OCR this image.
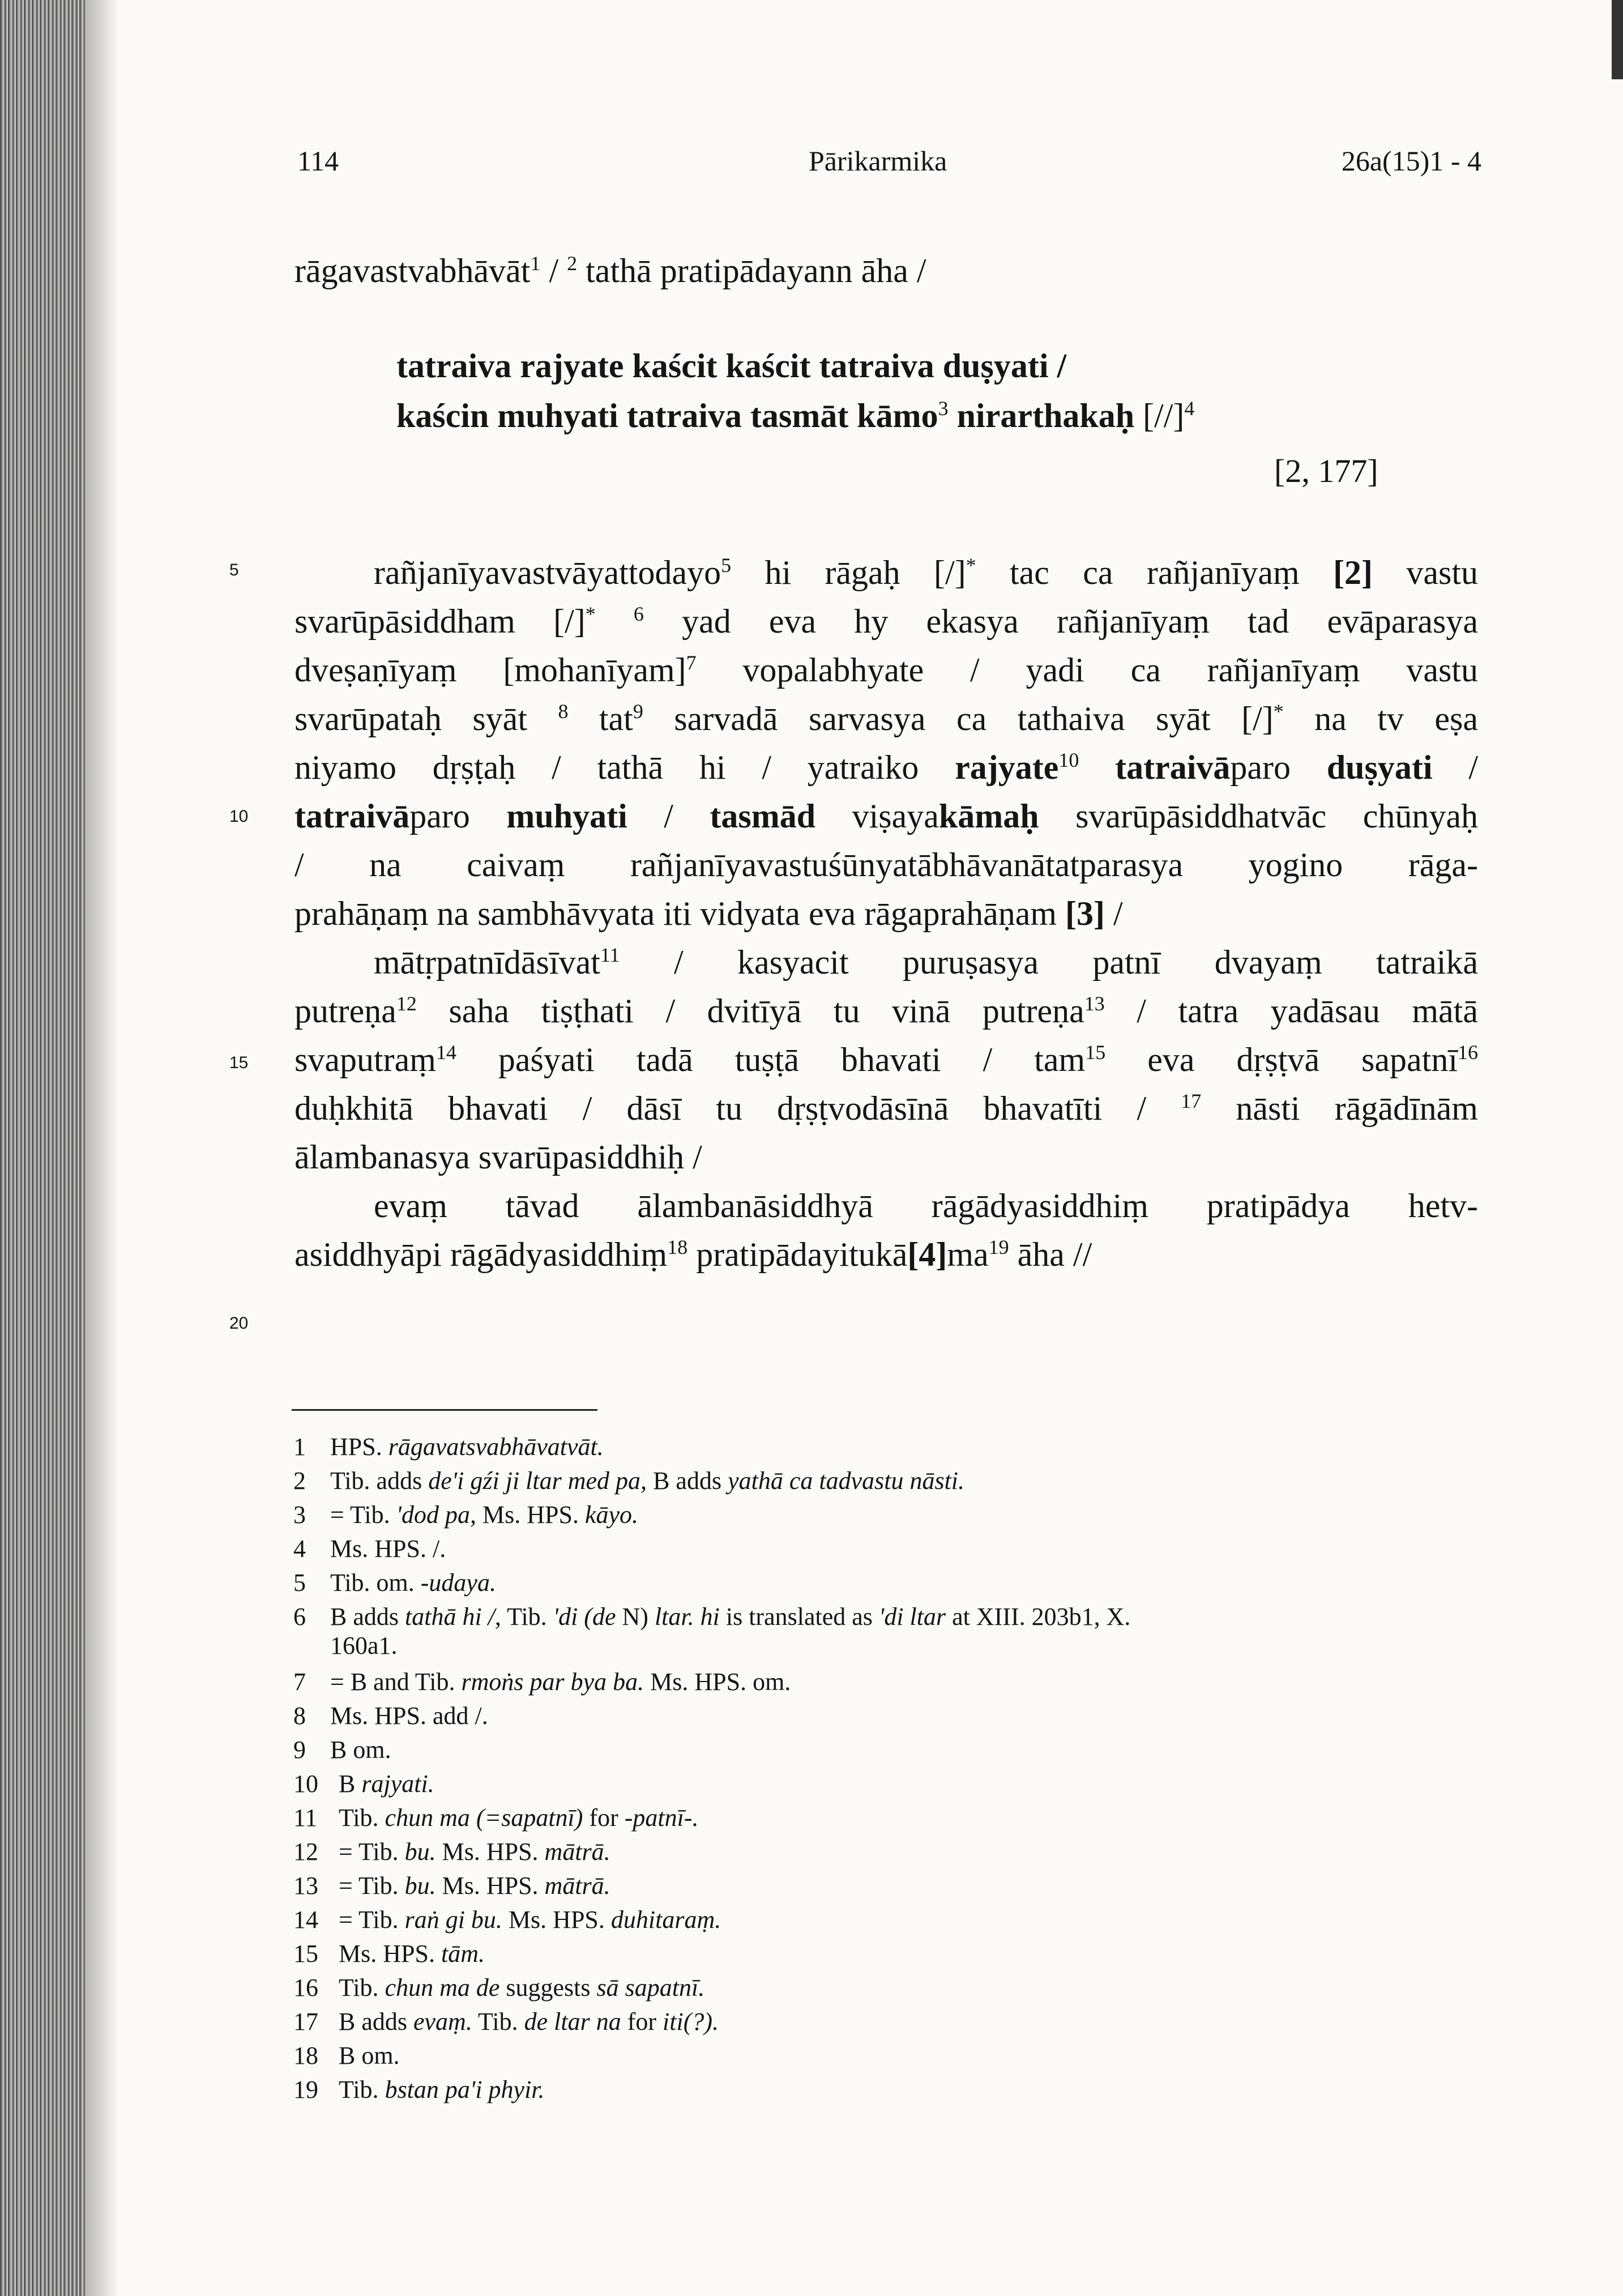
114	Pārikarmika	26a(15)1 - 4
rāgavastvabhāvāt$^1$ / $^2$ tathā pratipādayann āha /
tatraiva rajyate kaścit kaścit tatraiva duṣyati /
kaścin muhyati tatraiva tasmāt kāmo$^3$ nirarthakaḥ $[//]^4$
[2, 177]
5
10
15
20
rañjanīyavastvāyattodayo$^5$ hi rāgaḥ [/]* tac ca rañjanīyaṃ [2] vastu
svarūpāsiddham [/]* $^6$ yad eva hy ekasya rañjanīyaṃ tad evāparasya
dveṣaṇīyaṃ [mohanīyam]$^7$ vopalabhyate / yadi ca rañjanīyaṃ vastu
svarūpataḥ syāt $^8$ tat$^9$ sarvadā sarvasya ca tathaiva syāt [/]* na tv eṣa
niyamo dṛṣṭaḥ / tathā hi / yatraiko rajyate$^{10}$ tatraivāparo duṣyati /
tatraivāparo muhyati / tasmād viṣayakāmaḥ svarūpāsiddhatvāc chūnyaḥ
/ na caivaṃ rañjanīyavastuśūnyatābhāvanātatparasya yogino rāga-
prahāṇaṃ na sambhāvyata iti vidyata eva rāgaprahāṇam [3] /
mātṛpatnīdāsīvat$^{11}$ / kasyacit puruṣasya patnī dvayaṃ tatraikā
putreṇa$^{12}$ saha tiṣṭhati / dvitīyā tu vinā putreṇa$^{13}$ / tatra yadāsau mātā
svaputraṃ$^{14}$ paśyati tadā tuṣṭā bhavati / tam$^{15}$ eva dṛṣṭvā sapatnī$^{16}$
duḥkhitā bhavati / dāsī tu dṛṣṭvodāsīnā bhavatīti / $^{17}$ nāsti rāgādīnām
ālambanasya svarūpasiddhiḥ /
evaṃ tāvad ālambanāsiddhyā rāgādyasiddhiṃ pratipādya hetv-
asiddhyāpi rāgādyasiddhiṃ$^{18}$ $pratipādayitukā[4]ma^{19}$ āha //
1 HPS. rāgavatsvabhāvatvāt.
2 Tib. adds de'i gźi ji ltar med pa, B adds yathā ca tadvastu nāsti.
3 = Tib. 'dod pa, Ms. HPS. kāyo.
4 Ms. HPS. /.
5 Tib. om. -udaya.
6 B adds tathā hi /, Tib. 'di (de N) ltar. hi is translated as 'di ltar at XIII. 203b1, X.
160a1.
7 = B and Tib. rmoṅs par bya ba. Ms. HPS. om.
8 Ms. HPS. add /.
9 B om.
10 B rajyati.
11 Tib. chun ma (=sapatnī) for -patnī-.
12 = Tib. bu. Ms. HPS. mātrā.
13 = Tib. bu. Ms. HPS. mātrā.
14 = Tib. raṅ gi bu. Ms. HPS. duhitaraṃ.
15 Ms. HPS. tām.
16 Tib. chun ma de suggests sā sapatnī.
17 B adds evaṃ. Tib. de ltar na for iti(?).
18 B om.
19 Tib. bstan pa'i phyir.
